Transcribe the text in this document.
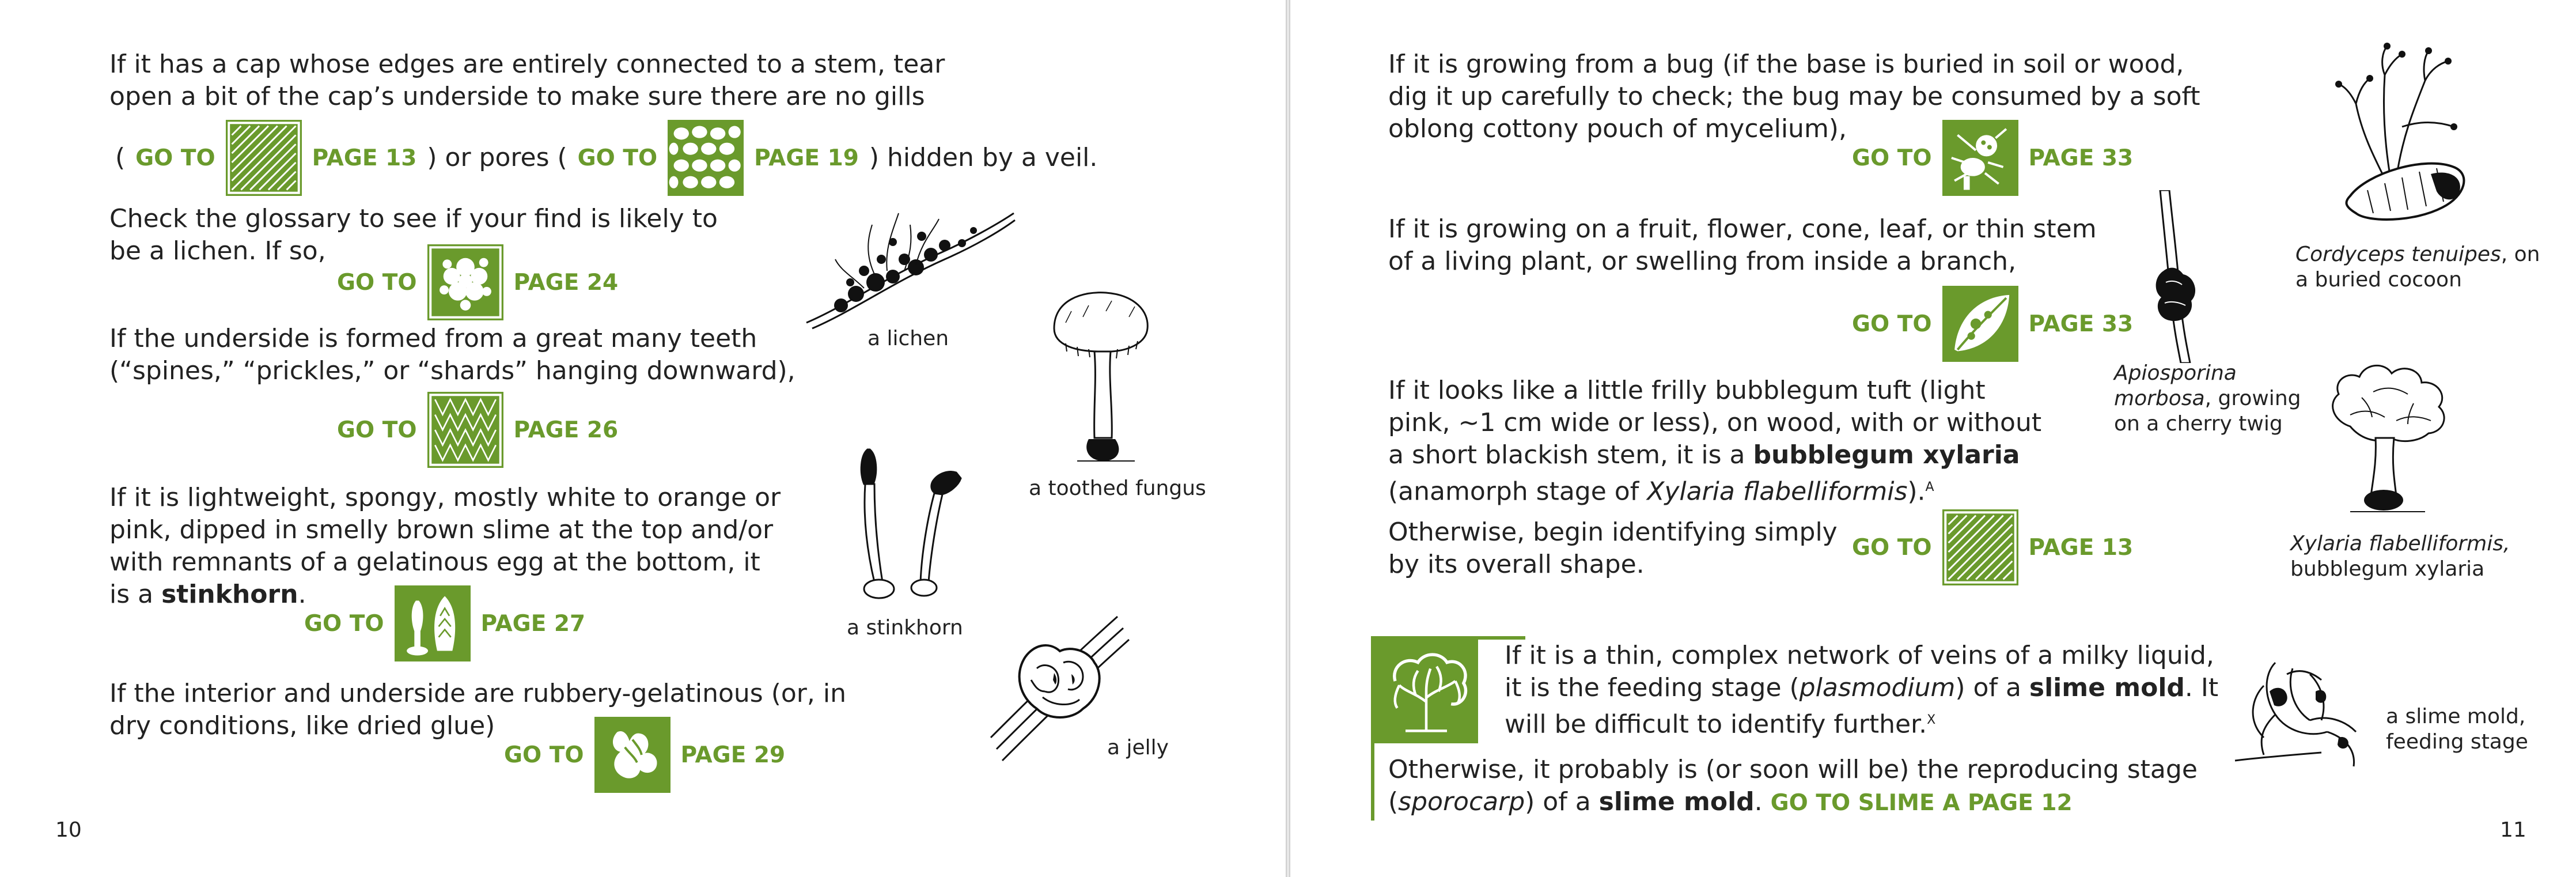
If it has a cap whose edges are entirely connected to a stem, tear
open a bit of the cap’s underside to make sure there are no gills
( GO TO	PAGE 13 ) or pores ( GO TO	PAGE 19 ) hidden by a veil.
Check the glossary to see if your find is likely to
be a lichen. If so,
GO TO	PAGE 24
If the underside is formed from a great many teeth
(“spines,” “prickles,” or “shards” hanging downward),
GO TO	PAGE 26
If it is lightweight, spongy, mostly white to orange or
pink, dipped in smelly brown slime at the top and/or
with remnants of a gelatinous egg at the bottom, it
is a stinkhorn.
GO TO	PAGE 27
If the interior and underside are rubbery-gelatinous (or, in
dry conditions, like dried glue)
GO TO	PAGE 29
a lichen
a toothed fungus
a stinkhorn
a jelly
10
If it is growing from a bug (if the base is buried in soil or wood,
dig it up carefully to check; the bug may be consumed by a soft
oblong cottony pouch of mycelium),
GO TO	PAGE 33
If it is growing on a fruit, flower, cone, leaf, or thin stem
of a living plant, or swelling from inside a branch,
GO TO	PAGE 33
If it looks like a little frilly bubblegum tuft (light
pink, ~1 cm wide or less), on wood, with or without
a short blackish stem, it is a bubblegum xylaria
(anamorph stage of Xylaria flabelliformis).$^A$
Otherwise, begin identifying simply
by its overall shape.
GO TO	PAGE 13
If it is a thin, complex network of veins of a milky liquid,
it is the feeding stage (plasmodium) of a slime mold. It
will be difficult to identify further.$^X$
Otherwise, it probably is (or soon will be) the reproducing stage
(sporocarp) of a slime mold. GO TO SLIME A PAGE 12
Cordyceps tenuipes, on
a buried cocoon
Apiosporina
morbosa, growing
on a cherry twig
Xylaria flabelliformis,
bubblegum xylaria
a slime mold,
feeding stage
11
